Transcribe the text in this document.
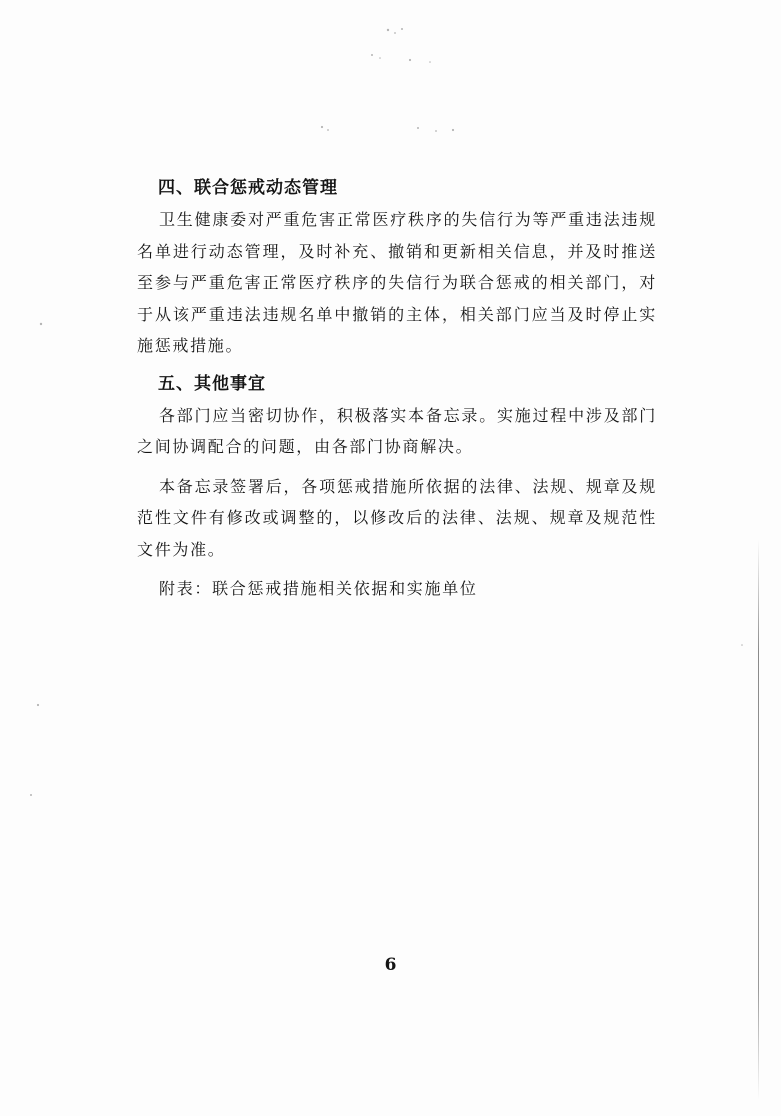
四、联合惩戒动态管理

卫生健康委对严重危害正常医疗秩序的失信行为等严重违法违规名单进行动态管理，及时补充、撤销和更新相关信息，并及时推送至参与严重危害正常医疗秩序的失信行为联合惩戒的相关部门，对于从该严重违法违规名单中撤销的主体，相关部门应当及时停止实施惩戒措施。

五、其他事宜

各部门应当密切协作，积极落实本备忘录。实施过程中涉及部门之间协调配合的问题，由各部门协商解决。

本备忘录签署后，各项惩戒措施所依据的法律、法规、规章及规范性文件有修改或调整的，以修改后的法律、法规、规章及规范性文件为准。

附表：联合惩戒措施相关依据和实施单位

6
